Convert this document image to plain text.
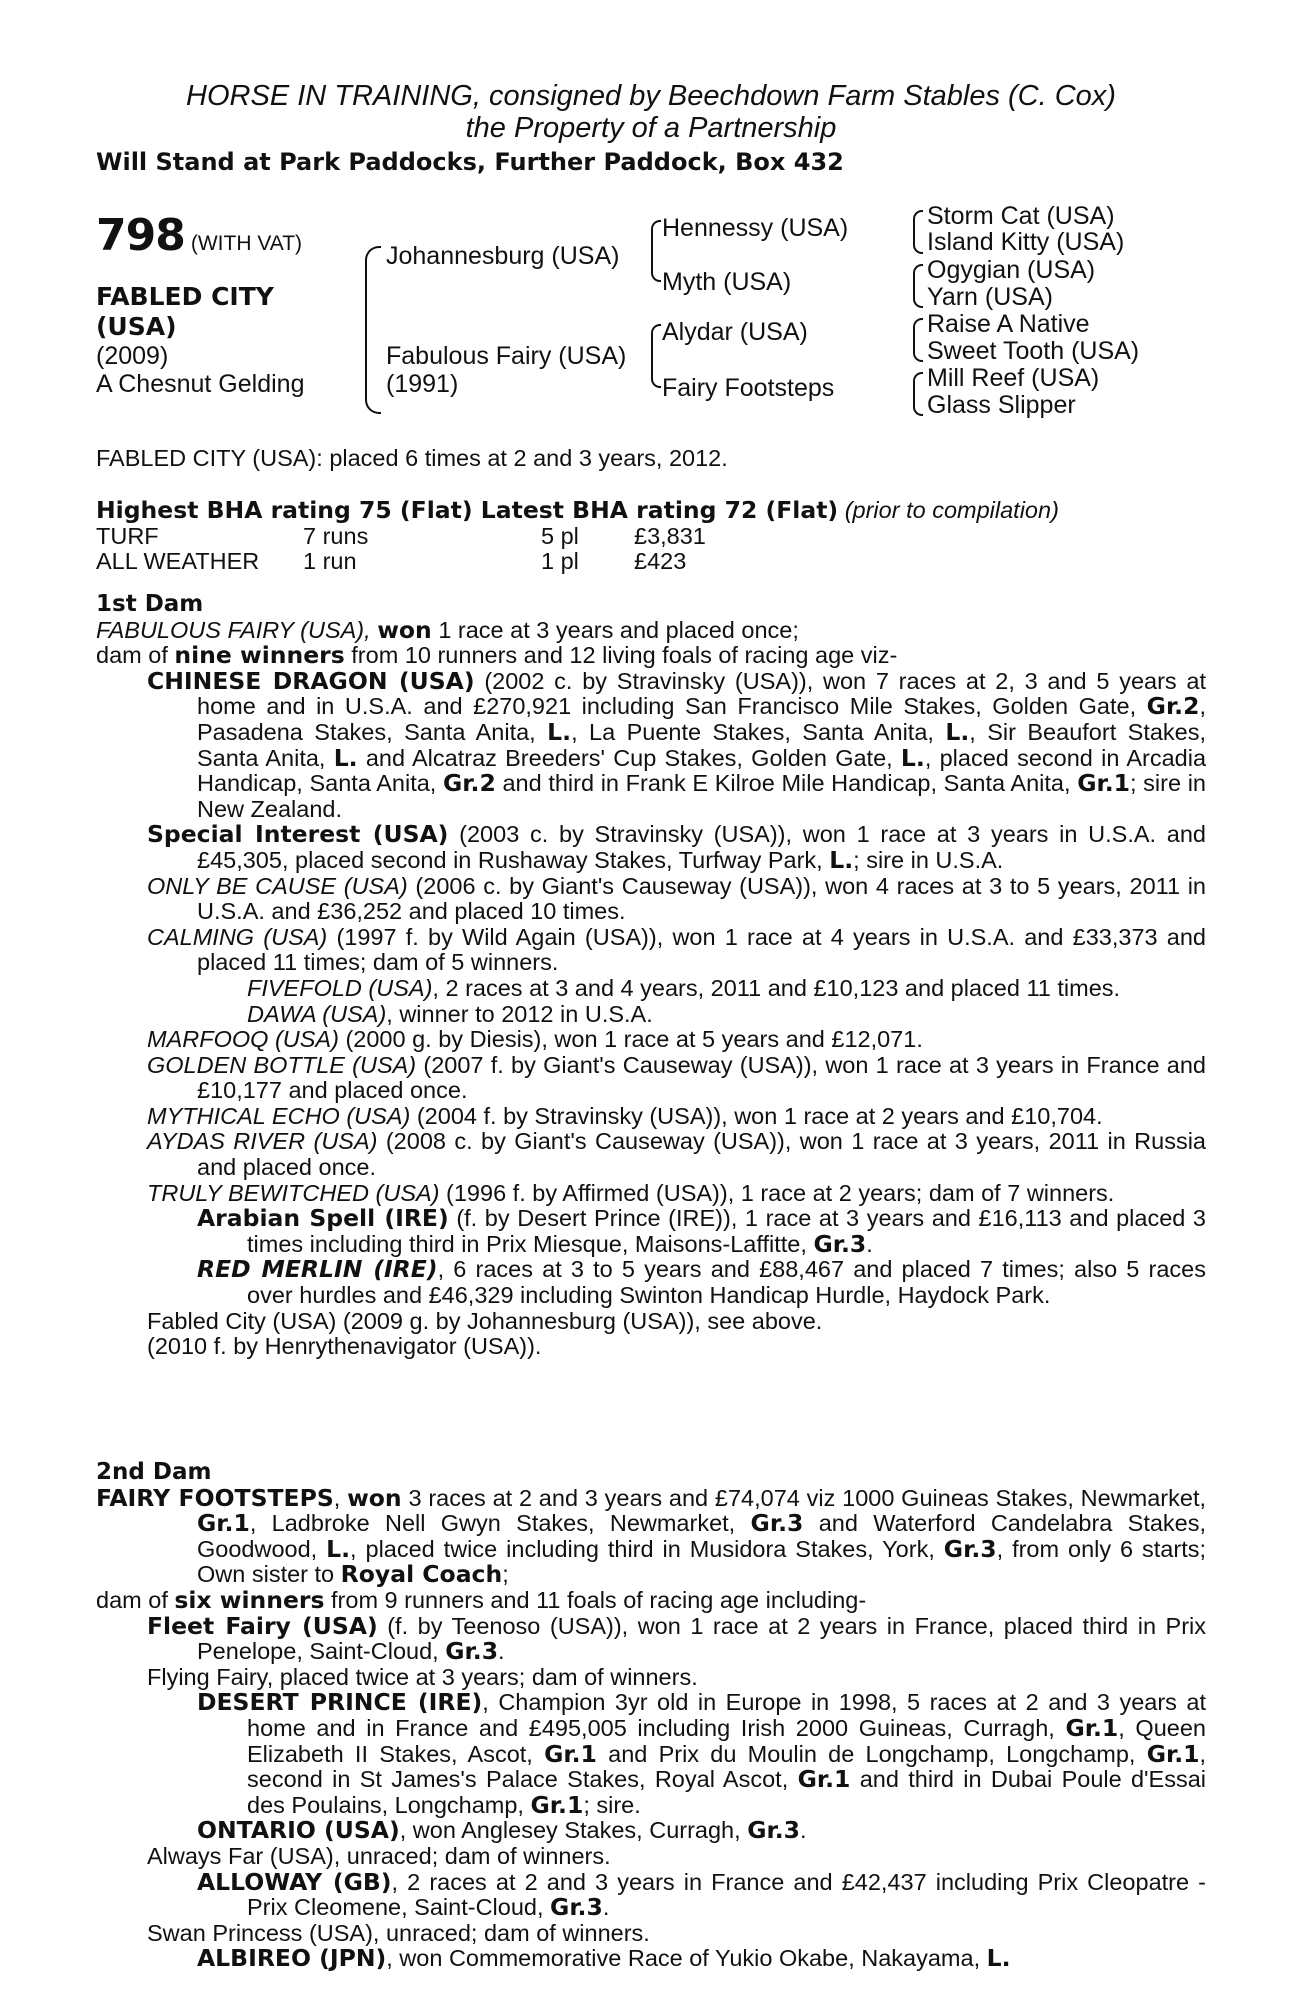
HORSE IN TRAINING, consigned by Beechdown Farm Stables (C. Cox)
the Property of a Partnership
Will Stand at Park Paddocks, Further Paddock, Box 432
798 (WITH VAT)
FABLED CITY
(USA)
(2009)
A Chesnut Gelding
Johannesburg (USA)
Fabulous Fairy (USA)
(1991)
Hennessy (USA)
Myth (USA)
Alydar (USA)
Fairy Footsteps
Storm Cat (USA)
Island Kitty (USA)
Ogygian (USA)
Yarn (USA)
Raise A Native
Sweet Tooth (USA)
Mill Reef (USA)
Glass Slipper
FABLED CITY (USA): placed 6 times at 2 and 3 years, 2012.
Highest BHA rating 75 (Flat) Latest BHA rating 72 (Flat) (prior to compilation)
TURF	7 runs	5 pl	£3,831
ALL WEATHER	1 run	1 pl	£423
1st Dam
FABULOUS FAIRY (USA), won 1 race at 3 years and placed once;
dam of nine winners from 10 runners and 12 living foals of racing age viz-
CHINESE DRAGON (USA) (2002 c. by Stravinsky (USA)), won 7 races at 2, 3 and 5 years at home and in U.S.A. and £270,921 including San Francisco Mile Stakes, Golden Gate, Gr.2, Pasadena Stakes, Santa Anita, L., La Puente Stakes, Santa Anita, L., Sir Beaufort Stakes, Santa Anita, L. and Alcatraz Breeders' Cup Stakes, Golden Gate, L., placed second in Arcadia Handicap, Santa Anita, Gr.2 and third in Frank E Kilroe Mile Handicap, Santa Anita, Gr.1; sire in New Zealand.
Special Interest (USA) (2003 c. by Stravinsky (USA)), won 1 race at 3 years in U.S.A. and £45,305, placed second in Rushaway Stakes, Turfway Park, L.; sire in U.S.A.
ONLY BE CAUSE (USA) (2006 c. by Giant's Causeway (USA)), won 4 races at 3 to 5 years, 2011 in U.S.A. and £36,252 and placed 10 times.
CALMING (USA) (1997 f. by Wild Again (USA)), won 1 race at 4 years in U.S.A. and £33,373 and placed 11 times; dam of 5 winners.
FIVEFOLD (USA), 2 races at 3 and 4 years, 2011 and £10,123 and placed 11 times.
DAWA (USA), winner to 2012 in U.S.A.
MARFOOQ (USA) (2000 g. by Diesis), won 1 race at 5 years and £12,071.
GOLDEN BOTTLE (USA) (2007 f. by Giant's Causeway (USA)), won 1 race at 3 years in France and £10,177 and placed once.
MYTHICAL ECHO (USA) (2004 f. by Stravinsky (USA)), won 1 race at 2 years and £10,704.
AYDAS RIVER (USA) (2008 c. by Giant's Causeway (USA)), won 1 race at 3 years, 2011 in Russia and placed once.
TRULY BEWITCHED (USA) (1996 f. by Affirmed (USA)), 1 race at 2 years; dam of 7 winners.
Arabian Spell (IRE) (f. by Desert Prince (IRE)), 1 race at 3 years and £16,113 and placed 3 times including third in Prix Miesque, Maisons-Laffitte, Gr.3.
RED MERLIN (IRE), 6 races at 3 to 5 years and £88,467 and placed 7 times; also 5 races over hurdles and £46,329 including Swinton Handicap Hurdle, Haydock Park.
Fabled City (USA) (2009 g. by Johannesburg (USA)), see above.
(2010 f. by Henrythenavigator (USA)).
2nd Dam
FAIRY FOOTSTEPS, won 3 races at 2 and 3 years and £74,074 viz 1000 Guineas Stakes, Newmarket, Gr.1, Ladbroke Nell Gwyn Stakes, Newmarket, Gr.3 and Waterford Candelabra Stakes, Goodwood, L., placed twice including third in Musidora Stakes, York, Gr.3, from only 6 starts; Own sister to Royal Coach;
dam of six winners from 9 runners and 11 foals of racing age including-
Fleet Fairy (USA) (f. by Teenoso (USA)), won 1 race at 2 years in France, placed third in Prix Penelope, Saint-Cloud, Gr.3.
Flying Fairy, placed twice at 3 years; dam of winners.
DESERT PRINCE (IRE), Champion 3yr old in Europe in 1998, 5 races at 2 and 3 years at home and in France and £495,005 including Irish 2000 Guineas, Curragh, Gr.1, Queen Elizabeth II Stakes, Ascot, Gr.1 and Prix du Moulin de Longchamp, Longchamp, Gr.1, second in St James's Palace Stakes, Royal Ascot, Gr.1 and third in Dubai Poule d'Essai des Poulains, Longchamp, Gr.1; sire.
ONTARIO (USA), won Anglesey Stakes, Curragh, Gr.3.
Always Far (USA), unraced; dam of winners.
ALLOWAY (GB), 2 races at 2 and 3 years in France and £42,437 including Prix Cleopatre - Prix Cleomene, Saint-Cloud, Gr.3.
Swan Princess (USA), unraced; dam of winners.
ALBIREO (JPN), won Commemorative Race of Yukio Okabe, Nakayama, L.
